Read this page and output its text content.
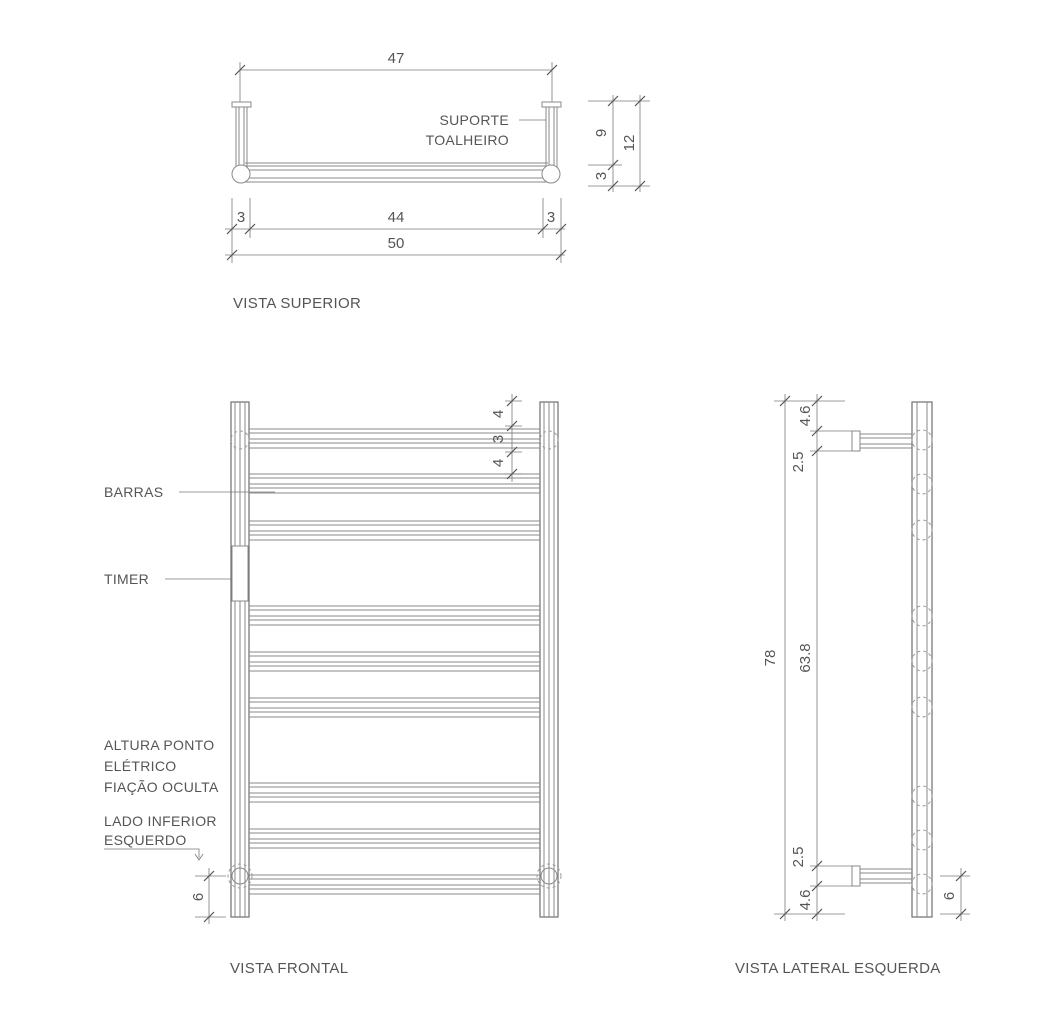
47
SUPORTE
TOALHEIRO
3	44	3
50
9
3
12
VISTA SUPERIOR
BARRAS
TIMER
ALTURA PONTO
ELÉTRICO
FIAÇÃO OCULTA
LADO INFERIOR
ESQUERDO
4
3
4
6
VISTA FRONTAL
78
4.6
2.5
63.8
2.5
4.6	6
VISTA LATERAL ESQUERDA
